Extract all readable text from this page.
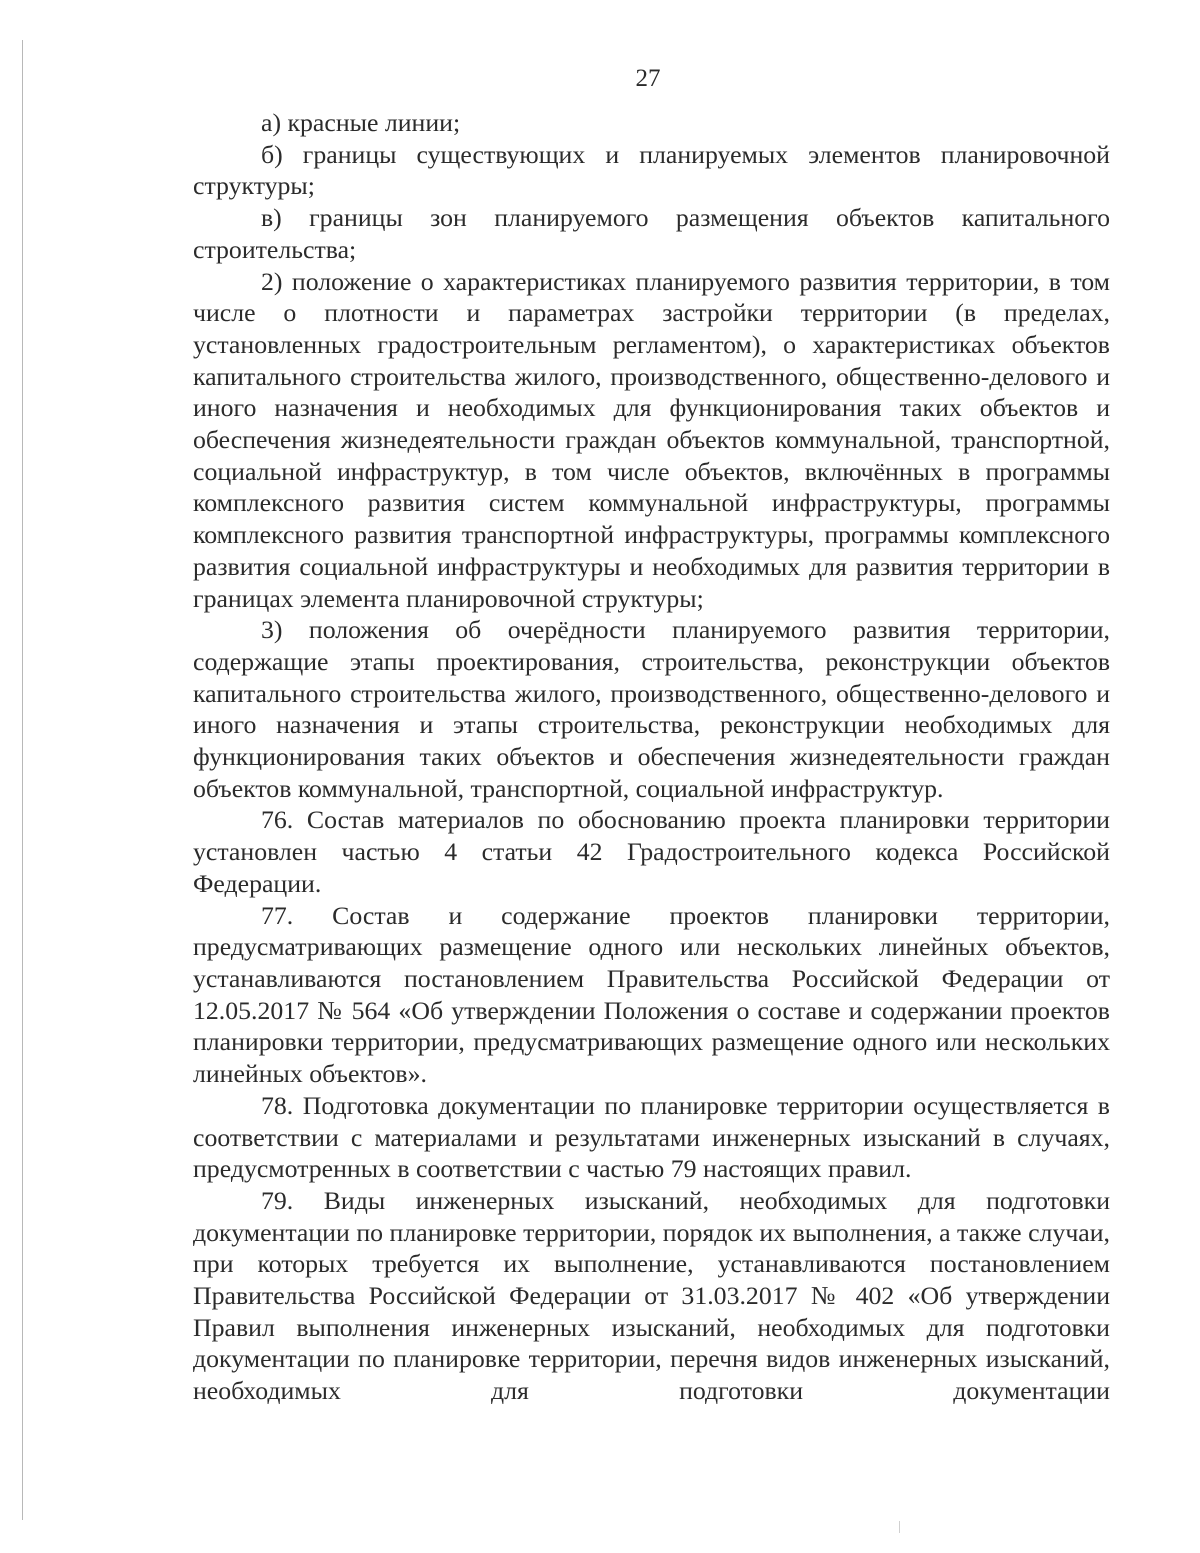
27

а) красные линии;

б) границы существующих и планируемых элементов планировочной структуры;

в) границы зон планируемого размещения объектов капитального строительства;

2) положение о характеристиках планируемого развития территории, в том числе о плотности и параметрах застройки территории (в пределах, установленных градостроительным регламентом), о характеристиках объектов капитального строительства жилого, производственного, общественно-делового и иного назначения и необходимых для функционирования таких объектов и обеспечения жизнедеятельности граждан объектов коммунальной, транспортной, социальной инфраструктур, в том числе объектов, включённых в программы комплексного развития систем коммунальной инфраструктуры, программы комплексного развития транспортной инфраструктуры, программы комплексного развития социальной инфраструктуры и необходимых для развития территории в границах элемента планировочной структуры;

3) положения об очерёдности планируемого развития территории, содержащие этапы проектирования, строительства, реконструкции объектов капитального строительства жилого, производственного, общественно-делового и иного назначения и этапы строительства, реконструкции необходимых для функционирования таких объектов и обеспечения жизнедеятельности граждан объектов коммунальной, транспортной, социальной инфраструктур.

76. Состав материалов по обоснованию проекта планировки территории установлен частью 4 статьи 42 Градостроительного кодекса Российской Федерации.

77. Состав и содержание проектов планировки территории, предусматривающих размещение одного или нескольких линейных объектов, устанавливаются постановлением Правительства Российской Федерации от 12.05.2017 № 564 «Об утверждении Положения о составе и содержании проектов планировки территории, предусматривающих размещение одного или нескольких линейных объектов».

78. Подготовка документации по планировке территории осуществляется в соответствии с материалами и результатами инженерных изысканий в случаях, предусмотренных в соответствии с частью 79 настоящих правил.

79. Виды инженерных изысканий, необходимых для подготовки документации по планировке территории, порядок их выполнения, а также случаи, при которых требуется их выполнение, устанавливаются постановлением Правительства Российской Федерации от 31.03.2017 № 402 «Об утверждении Правил выполнения инженерных изысканий, необходимых для подготовки документации по планировке территории, перечня видов инженерных изысканий, необходимых для подготовки документации
